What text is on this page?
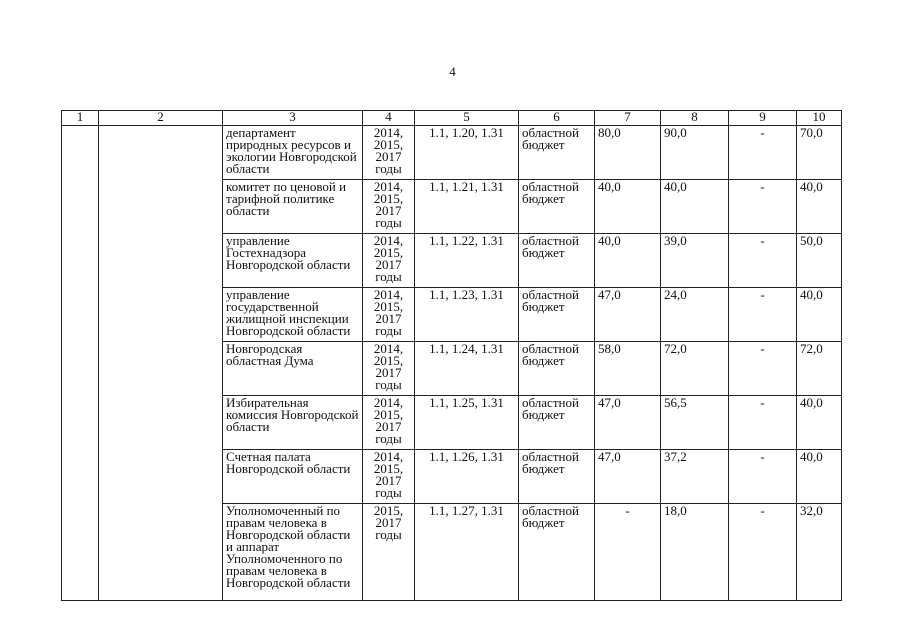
4
1	2	3	4	5	6	7	8	9	10
		департамент природных ресурсов и экологии Новгородской области	2014, 2015, 2017 годы	1.1, 1.20, 1.31	областной бюджет	80,0	90,0	-	70,0
		комитет по ценовой и тарифной политике области	2014, 2015, 2017 годы	1.1, 1.21, 1.31	областной бюджет	40,0	40,0	-	40,0
		управление Гостехнадзора Новгородской области	2014, 2015, 2017 годы	1.1, 1.22, 1.31	областной бюджет	40,0	39,0	-	50,0
		управление государственной жилищной инспекции Новгородской области	2014, 2015, 2017 годы	1.1, 1.23, 1.31	областной бюджет	47,0	24,0	-	40,0
		Новгородская областная Дума	2014, 2015, 2017 годы	1.1, 1.24, 1.31	областной бюджет	58,0	72,0	-	72,0
		Избирательная комиссия Новгородской области	2014, 2015, 2017 годы	1.1, 1.25, 1.31	областной бюджет	47,0	56,5	-	40,0
		Счетная палата Новгородской области	2014, 2015, 2017 годы	1.1, 1.26, 1.31	областной бюджет	47,0	37,2	-	40,0
		Уполномоченный по правам человека в Новгородской области и аппарат Уполномоченного по правам человека в Новгородской области	2015, 2017 годы	1.1, 1.27, 1.31	областной бюджет	-	18,0	-	32,0
